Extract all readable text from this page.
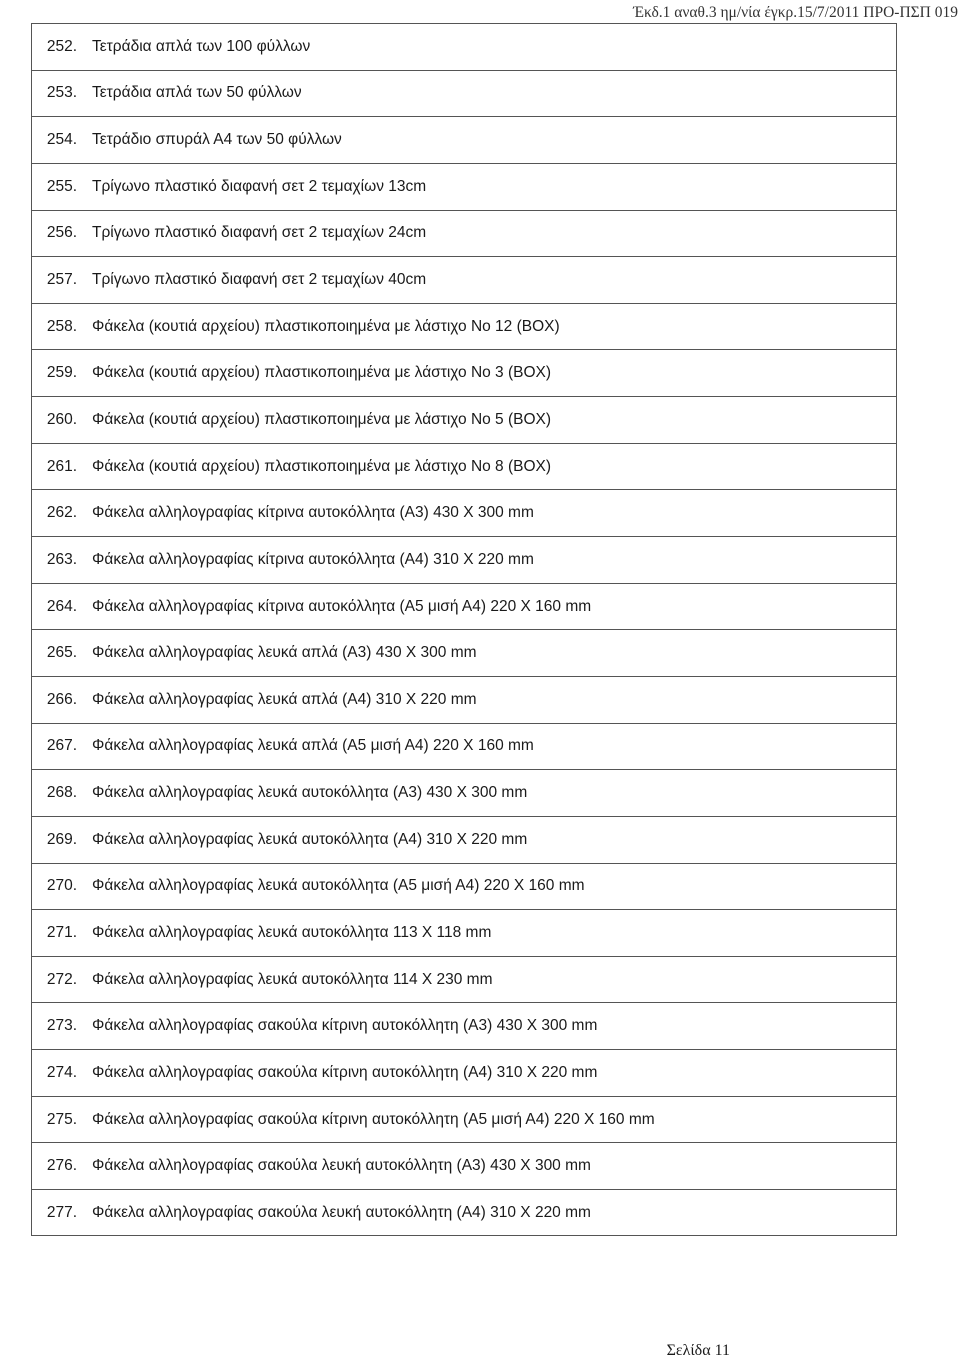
Έκδ.1 αναθ.3 ημ/νία έγκρ.15/7/2011 ΠΡΟ-ΠΣΠ 019
252. Τετράδια απλά των 100 φύλλων
253. Τετράδια απλά των 50 φύλλων
254. Τετράδιο σπυράλ Α4 των 50 φύλλων
255. Τρίγωνο πλαστικό διαφανή σετ 2 τεμαχίων 13cm
256. Τρίγωνο πλαστικό διαφανή σετ 2 τεμαχίων 24cm
257. Τρίγωνο πλαστικό διαφανή σετ 2 τεμαχίων 40cm
258. Φάκελα (κουτιά αρχείου) πλαστικοποιημένα με λάστιχο Νο 12 (ΒΟΧ)
259. Φάκελα (κουτιά αρχείου) πλαστικοποιημένα με λάστιχο Νο 3 (ΒΟΧ)
260. Φάκελα (κουτιά αρχείου) πλαστικοποιημένα με λάστιχο Νο 5 (ΒΟΧ)
261. Φάκελα (κουτιά αρχείου) πλαστικοποιημένα με λάστιχο Νο 8 (ΒΟΧ)
262. Φάκελα αλληλογραφίας κίτρινα αυτοκόλλητα (Α3) 430 Χ 300 mm
263. Φάκελα αλληλογραφίας κίτρινα αυτοκόλλητα (Α4) 310 Χ 220 mm
264. Φάκελα αλληλογραφίας κίτρινα αυτοκόλλητα (Α5 μισή Α4) 220 Χ 160 mm
265. Φάκελα αλληλογραφίας λευκά απλά (Α3) 430 Χ 300 mm
266. Φάκελα αλληλογραφίας λευκά απλά (Α4) 310 Χ 220 mm
267. Φάκελα αλληλογραφίας λευκά απλά (Α5 μισή Α4) 220 Χ 160 mm
268. Φάκελα αλληλογραφίας λευκά αυτοκόλλητα (Α3) 430 Χ 300 mm
269. Φάκελα αλληλογραφίας λευκά αυτοκόλλητα (Α4) 310 Χ 220 mm
270. Φάκελα αλληλογραφίας λευκά αυτοκόλλητα (Α5 μισή Α4) 220 Χ 160 mm
271. Φάκελα αλληλογραφίας λευκά αυτοκόλλητα 113 Χ 118 mm
272. Φάκελα αλληλογραφίας λευκά αυτοκόλλητα 114 Χ 230 mm
273. Φάκελα αλληλογραφίας σακούλα κίτρινη αυτοκόλλητη (Α3) 430 Χ 300 mm
274. Φάκελα αλληλογραφίας σακούλα κίτρινη αυτοκόλλητη (Α4) 310 Χ 220 mm
275. Φάκελα αλληλογραφίας σακούλα κίτρινη αυτοκόλλητη (Α5 μισή Α4) 220 Χ 160 mm
276. Φάκελα αλληλογραφίας σακούλα λευκή αυτοκόλλητη (Α3) 430 Χ 300 mm
277. Φάκελα αλληλογραφίας σακούλα λευκή αυτοκόλλητη (Α4) 310 Χ 220 mm
Σελίδα 11
